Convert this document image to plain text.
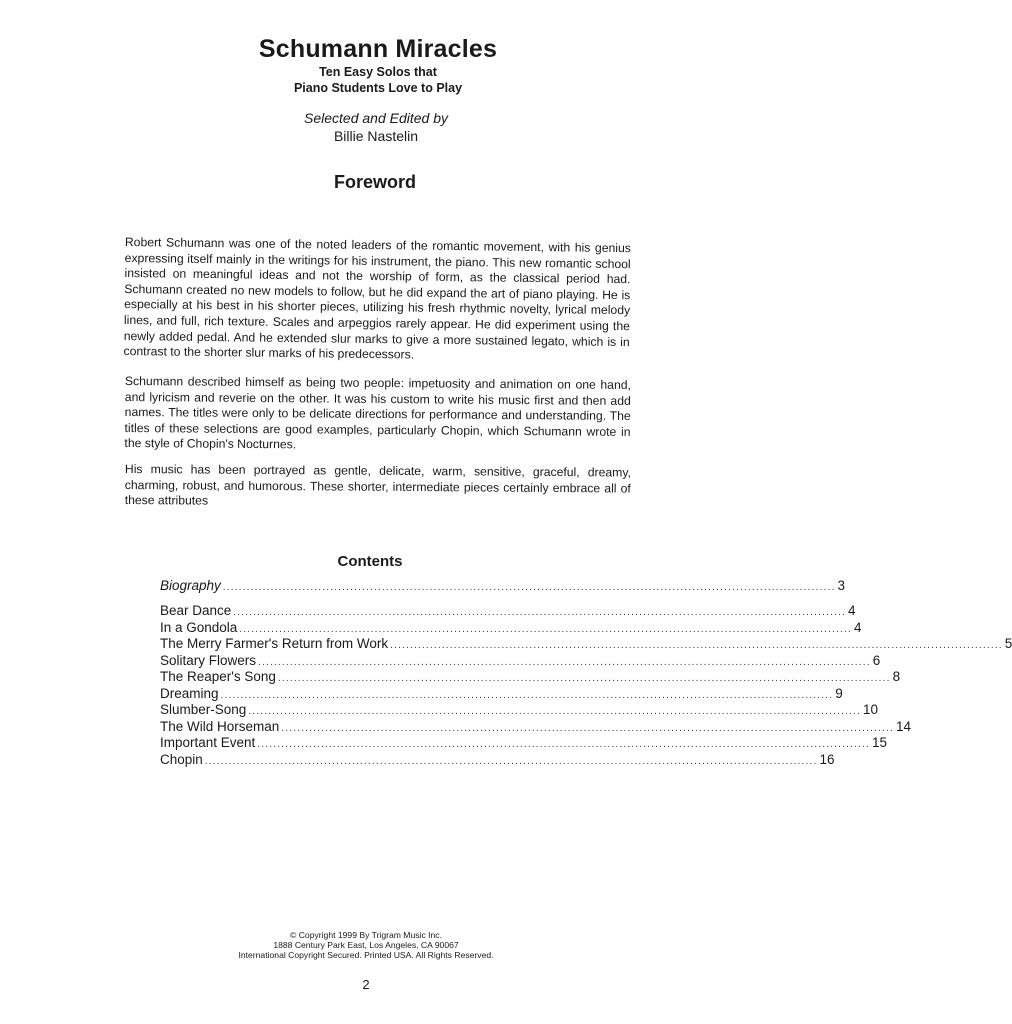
Schumann Miracles
Ten Easy Solos that
Piano Students Love to Play
Selected and Edited by
Billie Nastelin
Foreword
Robert Schumann was one of the noted leaders of the romantic movement, with his genius expressing itself mainly in the writings for his instrument, the piano. This new romantic school insisted on meaningful ideas and not the worship of form, as the classical period had. Schumann created no new models to follow, but he did expand the art of piano playing. He is especially at his best in his shorter pieces, utilizing his fresh rhythmic novelty, lyrical melody lines, and full, rich texture. Scales and arpeggios rarely appear. He did experiment using the newly added pedal. And he extended slur marks to give a more sustained legato, which is in contrast to the shorter slur marks of his predecessors.
Schumann described himself as being two people: impetuosity and animation on one hand, and lyricism and reverie on the other. It was his custom to write his music first and then add names. The titles were only to be delicate directions for performance and understanding. The titles of these selections are good examples, particularly Chopin, which Schumann wrote in the style of Chopin's Nocturnes.
His music has been portrayed as gentle, delicate, warm, sensitive, graceful, dreamy, charming, robust, and humorous. These shorter, intermediate pieces certainly embrace all of these attributes
Contents
Biography .......................................................................................................................................................... 3
Bear Dance .......................................................................................................................................................... 4
In a Gondola .......................................................................................................................................................... 4
The Merry Farmer's Return from Work .......................................................................................................................................................... 5
Solitary Flowers .......................................................................................................................................................... 6
The Reaper's Song .......................................................................................................................................................... 8
Dreaming .......................................................................................................................................................... 9
Slumber-Song .......................................................................................................................................................... 10
The Wild Horseman .......................................................................................................................................................... 14
Important Event .......................................................................................................................................................... 15
Chopin .......................................................................................................................................................... 16
© Copyright 1999 By Trigram Music Inc.
1888 Century Park East, Los Angeles, CA 90067
International Copyright Secured. Printed USA. All Rights Reserved.
2
